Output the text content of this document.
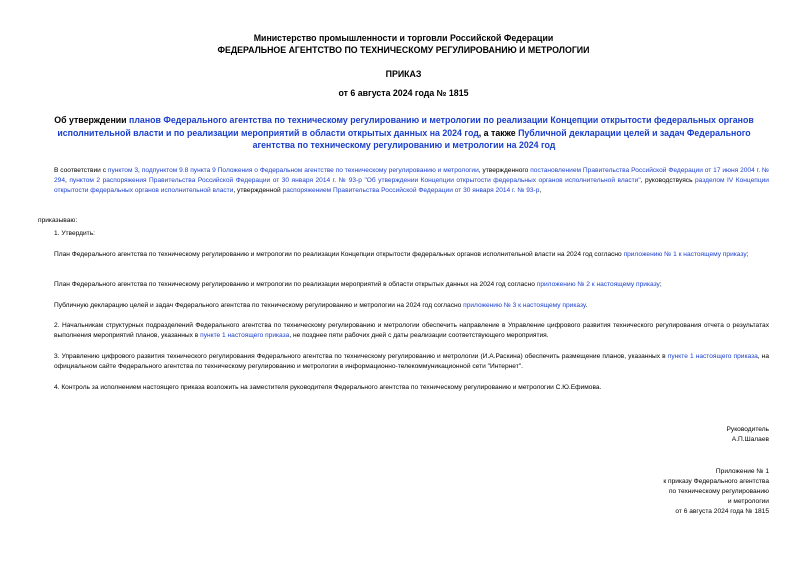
Министерство промышленности и торговли Российской Федерации
ФЕДЕРАЛЬНОЕ АГЕНТСТВО ПО ТЕХНИЧЕСКОМУ РЕГУЛИРОВАНИЮ И МЕТРОЛОГИИ
ПРИКАЗ
от 6 августа 2024 года № 1815
Об утверждении планов Федерального агентства по техническому регулированию и метрологии по реализации Концепции открытости федеральных органов исполнительной власти и по реализации мероприятий в области открытых данных на 2024 год, а также Публичной декларации целей и задач Федерального агентства по техническому регулированию и метрологии на 2024 год

В соответствии с пунктом 3, подпунктом 9.8 пункта 9 Положения о Федеральном агентстве по техническому регулированию и метрологии, утвержденного постановлением Правительства Российской Федерации от 17 июня 2004 г. № 294, пунктом 2 распоряжения Правительства Российской Федерации от 30 января 2014 г. № 93-р "Об утверждении Концепции открытости федеральных органов исполнительной власти", руководствуясь разделом IV Концепции открытости федеральных органов исполнительной власти, утвержденной распоряжением Правительства Российской Федерации от 30 января 2014 г. № 93-р,

приказываю:
1. Утвердить:
План Федерального агентства по техническому регулированию и метрологии по реализации Концепции открытости федеральных органов исполнительной власти на 2024 год согласно приложению № 1 к настоящему приказу;
План Федерального агентства по техническому регулированию и метрологии по реализации мероприятий в области открытых данных на 2024 год согласно приложению № 2 к настоящему приказу;
Публичную декларацию целей и задач Федерального агентства по техническому регулированию и метрологии на 2024 год согласно приложению № 3 к настоящему приказу.
2. Начальникам структурных подразделений Федерального агентства по техническому регулированию и метрологии обеспечить направление в Управление цифрового развития технического регулирования отчета о результатах выполнения мероприятий планов, указанных в пункте 1 настоящего приказа, не позднее пяти рабочих дней с даты реализации соответствующего мероприятия.
3. Управлению цифрового развития технического регулирования Федерального агентства по техническому регулированию и метрологии (И.А.Раскина) обеспечить размещение планов, указанных в пункте 1 настоящего приказа, на официальном сайте Федерального агентства по техническому регулированию и метрологии в информационно-телекоммуникационной сети "Интернет".
4. Контроль за исполнением настоящего приказа возложить на заместителя руководителя Федерального агентства по техническому регулированию и метрологии С.Ю.Ефимова.
Руководитель
А.П.Шалаев
Приложение № 1
к приказу Федерального агентства
по техническому регулированию
и метрологии
от 6 августа 2024 года № 1815
